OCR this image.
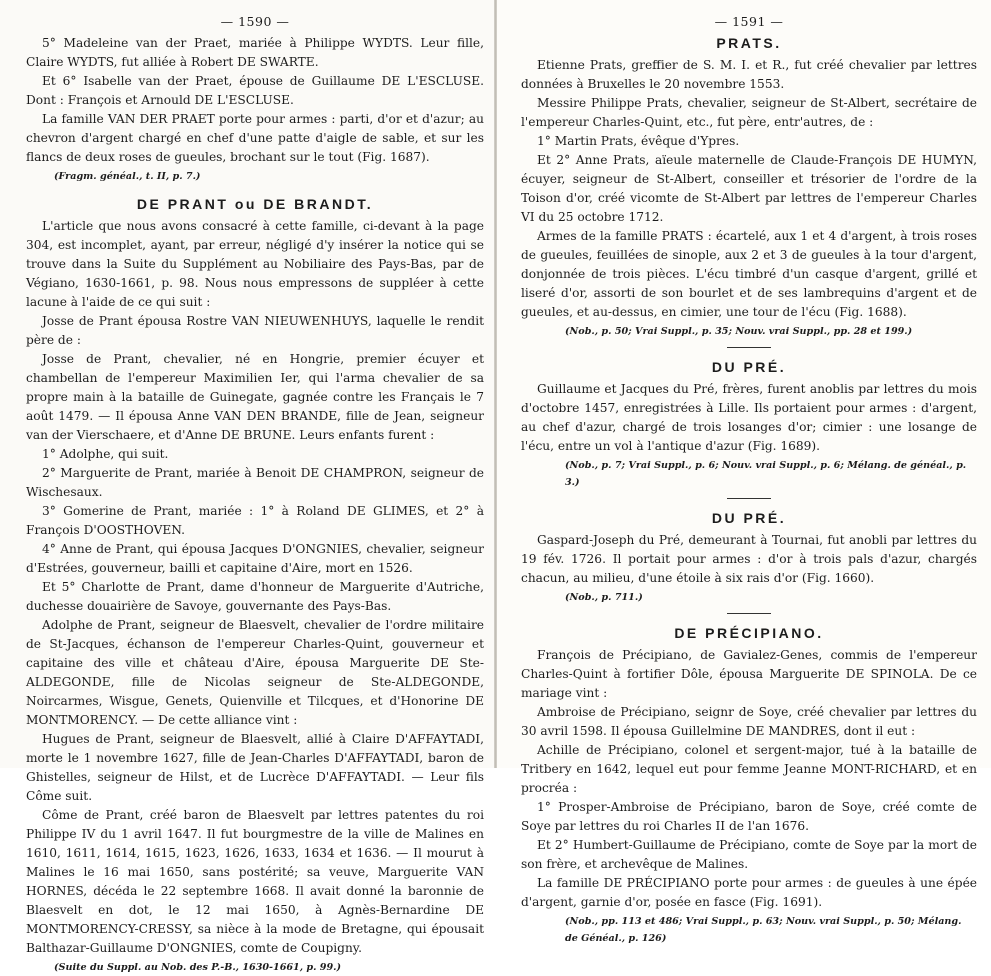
— 1590 —

5° Madeleine van der Praet, mariée à Philippe WYDTS. Leur fille, Claire WYDTS, fut alliée à Robert DE SWARTE.

Et 6° Isabelle van der Praet, épouse de Guillaume DE L'ESCLUSE. Dont : François et Arnould DE L'ESCLUSE.

La famille VAN DER PRAET porte pour armes : parti, d'or et d'azur; au chevron d'argent chargé en chef d'une patte d'aigle de sable, et sur les flancs de deux roses de gueules, brochant sur le tout (Fig. 1687).

(Fragm. généal., t. II, p. 7.)
DE PRANT ou DE BRANDT.

L'article que nous avons consacré à cette famille, ci-devant à la page 304, est incomplet, ayant, par erreur, négligé d'y insérer la notice qui se trouve dans la Suite du Supplément au Nobiliaire des Pays-Bas, par de Végiano, 1630-1661, p. 98. Nous nous empressons de suppléer à cette lacune à l'aide de ce qui suit :

Josse de Prant épousa Rostre VAN NIEUWENHUYS, laquelle le rendit père de :

Josse de Prant, chevalier, né en Hongrie, premier écuyer et chambellan de l'empereur Maximilien Ier, qui l'arma chevalier de sa propre main à la bataille de Guinegate, gagnée contre les Français le 7 août 1479. — Il épousa Anne VAN DEN BRANDE, fille de Jean, seigneur van der Vierschaere, et d'Anne DE BRUNE. Leurs enfants furent :

1° Adolphe, qui suit.

2° Marguerite de Prant, mariée à Benoit DE CHAMPRON, seigneur de Wischesaux.

3° Gomerine de Prant, mariée : 1° à Roland DE GLIMES, et 2° à François D'OOSTHOVEN.

4° Anne de Prant, qui épousa Jacques D'ONGNIES, chevalier, seigneur d'Estrées, gouverneur, bailli et capitaine d'Aire, mort en 1526.

Et 5° Charlotte de Prant, dame d'honneur de Marguerite d'Autriche, duchesse douairière de Savoye, gouvernante des Pays-Bas.

Adolphe de Prant, seigneur de Blaesvelt, chevalier de l'ordre militaire de St-Jacques, échanson de l'empereur Charles-Quint, gouverneur et capitaine des ville et château d'Aire, épousa Marguerite DE Ste-ALDEGONDE, fille de Nicolas seigneur de Ste-ALDEGONDE, Noircarmes, Wisgue, Genets, Quienville et Tilcques, et d'Honorine DE MONTMORENCY. — De cette alliance vint :

Hugues de Prant, seigneur de Blaesvelt, allié à Claire D'AFFAYTADI, morte le 1 novembre 1627, fille de Jean-Charles D'AFFAYTADI, baron de Ghistelles, seigneur de Hilst, et de Lucrèce D'AFFAYTADI. — Leur fils Côme suit.

Côme de Prant, créé baron de Blaesvelt par lettres patentes du roi Philippe IV du 1 avril 1647. Il fut bourgmestre de la ville de Malines en 1610, 1611, 1614, 1615, 1623, 1626, 1633, 1634 et 1636. — Il mourut à Malines le 16 mai 1650, sans postérité; sa veuve, Marguerite VAN HORNES, décéda le 22 septembre 1668. Il avait donné la baronnie de Blaesvelt en dot, le 12 mai 1650, à Agnès-Bernardine DE MONTMORENCY-CRESSY, sa nièce à la mode de Bretagne, qui épousait Balthazar-Guillaume D'ONGNIES, comte de Coupigny.

(Suite du Suppl. au Nob. des P.-B., 1630-1661, p. 99.)
— 1591 —
PRATS.

Etienne Prats, greffier de S. M. I. et R., fut créé chevalier par lettres données à Bruxelles le 20 novembre 1553.

Messire Philippe Prats, chevalier, seigneur de St-Albert, secrétaire de l'empereur Charles-Quint, etc., fut père, entr'autres, de :

1° Martin Prats, évêque d'Ypres.

Et 2° Anne Prats, aïeule maternelle de Claude-François DE HUMYN, écuyer, seigneur de St-Albert, conseiller et trésorier de l'ordre de la Toison d'or, créé vicomte de St-Albert par lettres de l'empereur Charles VI du 25 octobre 1712.

Armes de la famille PRATS : écartelé, aux 1 et 4 d'argent, à trois roses de gueules, feuillées de sinople, aux 2 et 3 de gueules à la tour d'argent, donjonnée de trois pièces. L'écu timbré d'un casque d'argent, grillé et liseré d'or, assorti de son bourlet et de ses lambrequins d'argent et de gueules, et au-dessus, en cimier, une tour de l'écu (Fig. 1688).

(Nob., p. 50; Vrai Suppl., p. 35; Nouv. vrai Suppl., pp. 28 et 199.)
DU PRÉ.

Guillaume et Jacques du Pré, frères, furent anoblis par lettres du mois d'octobre 1457, enregistrées à Lille. Ils portaient pour armes : d'argent, au chef d'azur, chargé de trois losanges d'or; cimier : une losange de l'écu, entre un vol à l'antique d'azur (Fig. 1689).

(Nob., p. 7; Vrai Suppl., p. 6; Nouv. vrai Suppl., p. 6; Mélang. de généal., p. 3.)
DU PRÉ.

Gaspard-Joseph du Pré, demeurant à Tournai, fut anobli par lettres du 19 fév. 1726. Il portait pour armes : d'or à trois pals d'azur, chargés chacun, au milieu, d'une étoile à six rais d'or (Fig. 1660).

(Nob., p. 711.)
DE PRÉCIPIANO.

François de Précipiano, de Gavialez-Genes, commis de l'empereur Charles-Quint à fortifier Dôle, épousa Marguerite DE SPINOLA. De ce mariage vint :

Ambroise de Précipiano, seignr de Soye, créé chevalier par lettres du 30 avril 1598. Il épousa Guillelmine DE MANDRES, dont il eut :

Achille de Précipiano, colonel et sergent-major, tué à la bataille de Tritbery en 1642, lequel eut pour femme Jeanne MONT-RICHARD, et en procréa :

1° Prosper-Ambroise de Précipiano, baron de Soye, créé comte de Soye par lettres du roi Charles II de l'an 1676.

Et 2° Humbert-Guillaume de Précipiano, comte de Soye par la mort de son frère, et archevêque de Malines.

La famille DE PRÉCIPIANO porte pour armes : de gueules à une épée d'argent, garnie d'or, posée en fasce (Fig. 1691).

(Nob., pp. 113 et 486; Vrai Suppl., p. 63; Nouv. vrai Suppl., p. 50; Mélang. de Généal., p. 126)
